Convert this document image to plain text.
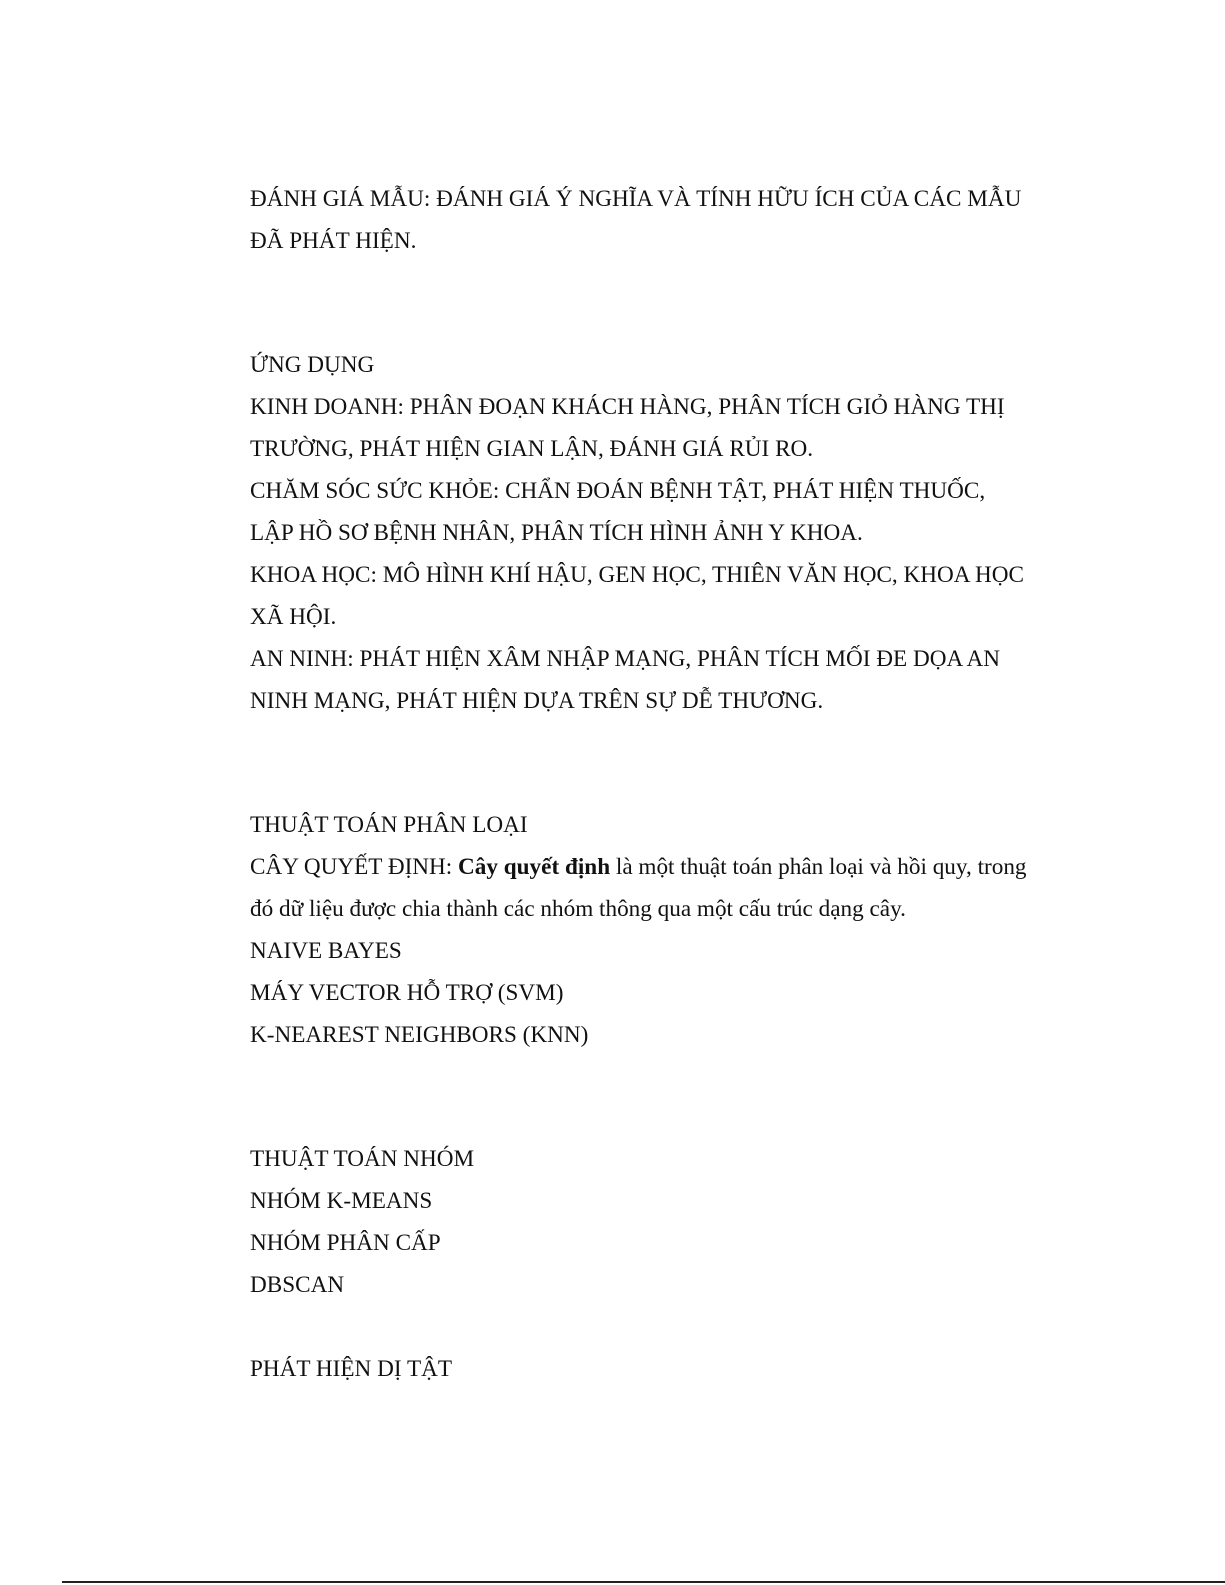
ĐÁNH GIÁ MẪU: ĐÁNH GIÁ Ý NGHĨA VÀ TÍNH HỮU ÍCH CỦA CÁC MẪU
ĐÃ PHÁT HIỆN.
ỨNG DỤNG
KINH DOANH: PHÂN ĐOẠN KHÁCH HÀNG, PHÂN TÍCH GIỎ HÀNG THỊ
TRƯỜNG, PHÁT HIỆN GIAN LẬN, ĐÁNH GIÁ RỦI RO.
CHĂM SÓC SỨC KHỎE: CHẨN ĐOÁN BỆNH TẬT, PHÁT HIỆN THUỐC,
LẬP HỒ SƠ BỆNH NHÂN, PHÂN TÍCH HÌNH ẢNH Y KHOA.
KHOA HỌC: MÔ HÌNH KHÍ HẬU, GEN HỌC, THIÊN VĂN HỌC, KHOA HỌC
XÃ HỘI.
AN NINH: PHÁT HIỆN XÂM NHẬP MẠNG, PHÂN TÍCH MỐI ĐE DỌA AN
NINH MẠNG, PHÁT HIỆN DỰA TRÊN SỰ DỄ THƯƠNG.
THUẬT TOÁN PHÂN LOẠI
CÂY QUYẾT ĐỊNH: Cây quyết định là một thuật toán phân loại và hồi quy, trong
đó dữ liệu được chia thành các nhóm thông qua một cấu trúc dạng cây.
NAIVE BAYES
MÁY VECTOR HỖ TRỢ (SVM)
K-NEAREST NEIGHBORS (KNN)
THUẬT TOÁN NHÓM
NHÓM K-MEANS
NHÓM PHÂN CẤP
DBSCAN
PHÁT HIỆN DỊ TẬT
